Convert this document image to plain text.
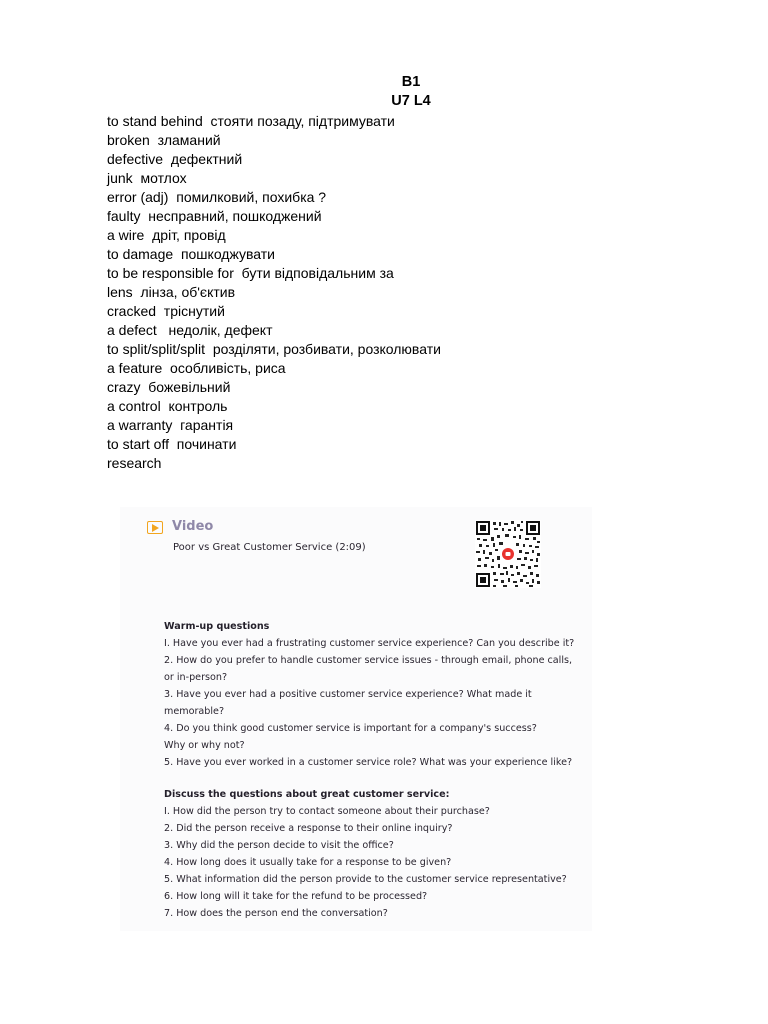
B1
U7 L4
to stand behind  стояти позаду, підтримувати
broken  зламаний
defective  дефектний
junk  мотлох
error (adj)  помилковий, похибка ?
faulty  несправний, пошкоджений
a wire  дріт, провід
to damage  пошкоджувати
to be responsible for  бути відповідальним за
lens  лінза, об'єктив
cracked  тріснутий
a defect   недолік, дефект
to split/split/split  розділяти, розбивати, розколювати
a feature  особливість, риса
crazy  божевільний
a control  контроль
a warranty  гарантія
to start off  починати
research
Video
Poor vs Great Customer Service (2:09)
Warm-up questions
I. Have you ever had a frustrating customer service experience? Can you describe it?
2. How do you prefer to handle customer service issues - through email, phone calls,
or in-person?
3. Have you ever had a positive customer service experience? What made it
memorable?
4. Do you think good customer service is important for a company's success?
Why or why not?
5. Have you ever worked in a customer service role? What was your experience like?
Discuss the questions about great customer service:
I. How did the person try to contact someone about their purchase?
2. Did the person receive a response to their online inquiry?
3. Why did the person decide to visit the office?
4. How long does it usually take for a response to be given?
5. What information did the person provide to the customer service representative?
6. How long will it take for the refund to be processed?
7. How does the person end the conversation?
